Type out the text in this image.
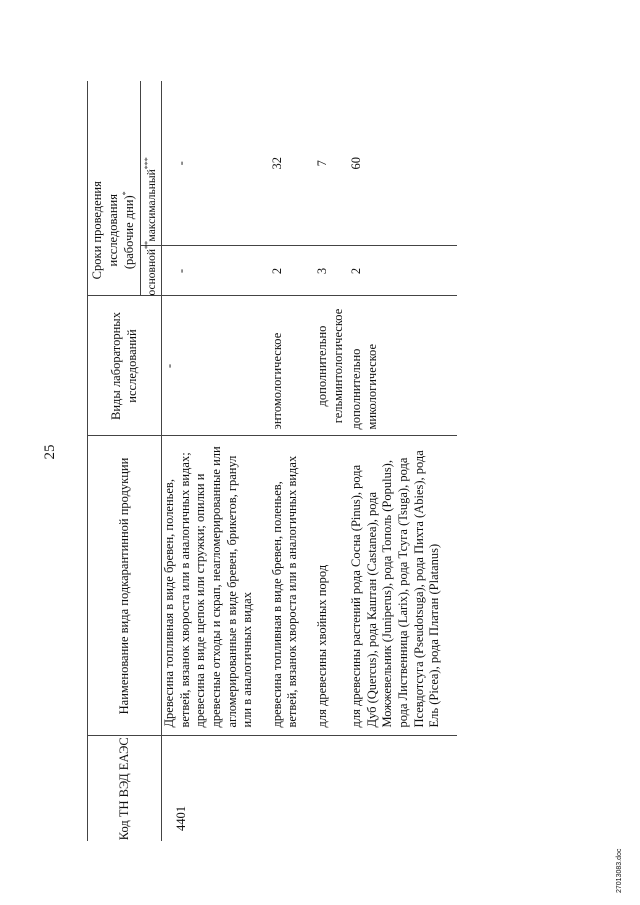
25
Код ТН ВЭД ЕАЭС	Наименование вида подкарантинной продукции	Виды лабораторных исследований	Сроки проведения исследования (рабочие дни)*
			основной**	максимальный***
4401	Древесина топливная в виде бревен, поленьев, ветвей, вязанок хвороста или в аналогичных видах; древесина в виде щепок или стружки; опилки и древесные отходы и скрап, неагломерированные или агломерированные в виде бревен, брикетов, гранул или в аналогичных видах	-	-	-
	древесина топливная в виде бревен, поленьев, ветвей, вязанок хвороста или в аналогичных видах	энтомологическое	2	32
	для древесины хвойных пород	дополнительно гельминтологическое	3	7
	для древесины растений рода Сосна (Pinus), рода Дуб (Quercus), рода Каштан (Castanea), рода Можжевельник (Juniperus), рода Тополь (Populus), рода Лиственница (Larix), рода Тсуга (Tsuga), рода Псевдотсуга (Pseudotsuga), рода Пихта (Abies), рода Ель (Picea), рода Платан (Platanus)	дополнительно микологическое	2	60
27013083.doc
